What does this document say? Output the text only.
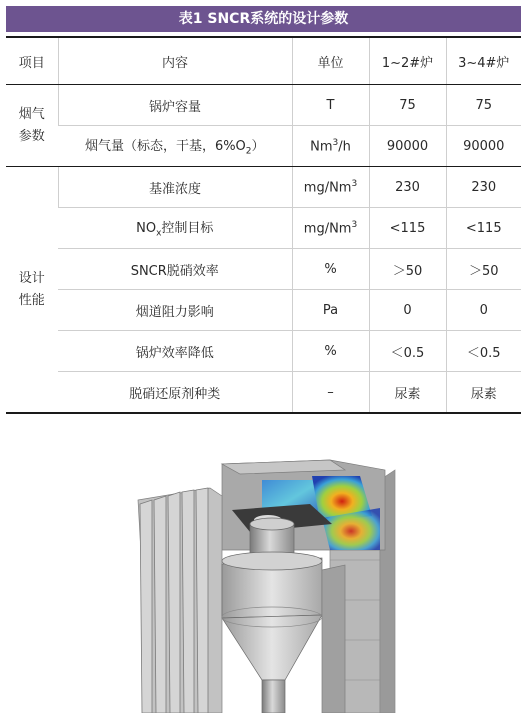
表1 SNCR系统的设计参数
项目	内容	单位	1~2#炉	3~4#炉
烟气
参数	锅炉容量	T	75	75
	烟气量（标态，干基，$6\%O_2$）	Nm$^3$/h	90000	90000
设计
性能	基准浓度	mg/Nm$^3$	230	230
	$NO_x$控制目标	$mg/Nm^3$	<115	<115
	SNCR脱硝效率	%	＞50	＞50
	烟道阻力影响	Pa	0	0
	锅炉效率降低	%	＜0.5	＜0.5
	脱硝还原剂种类	–	尿素	尿素
